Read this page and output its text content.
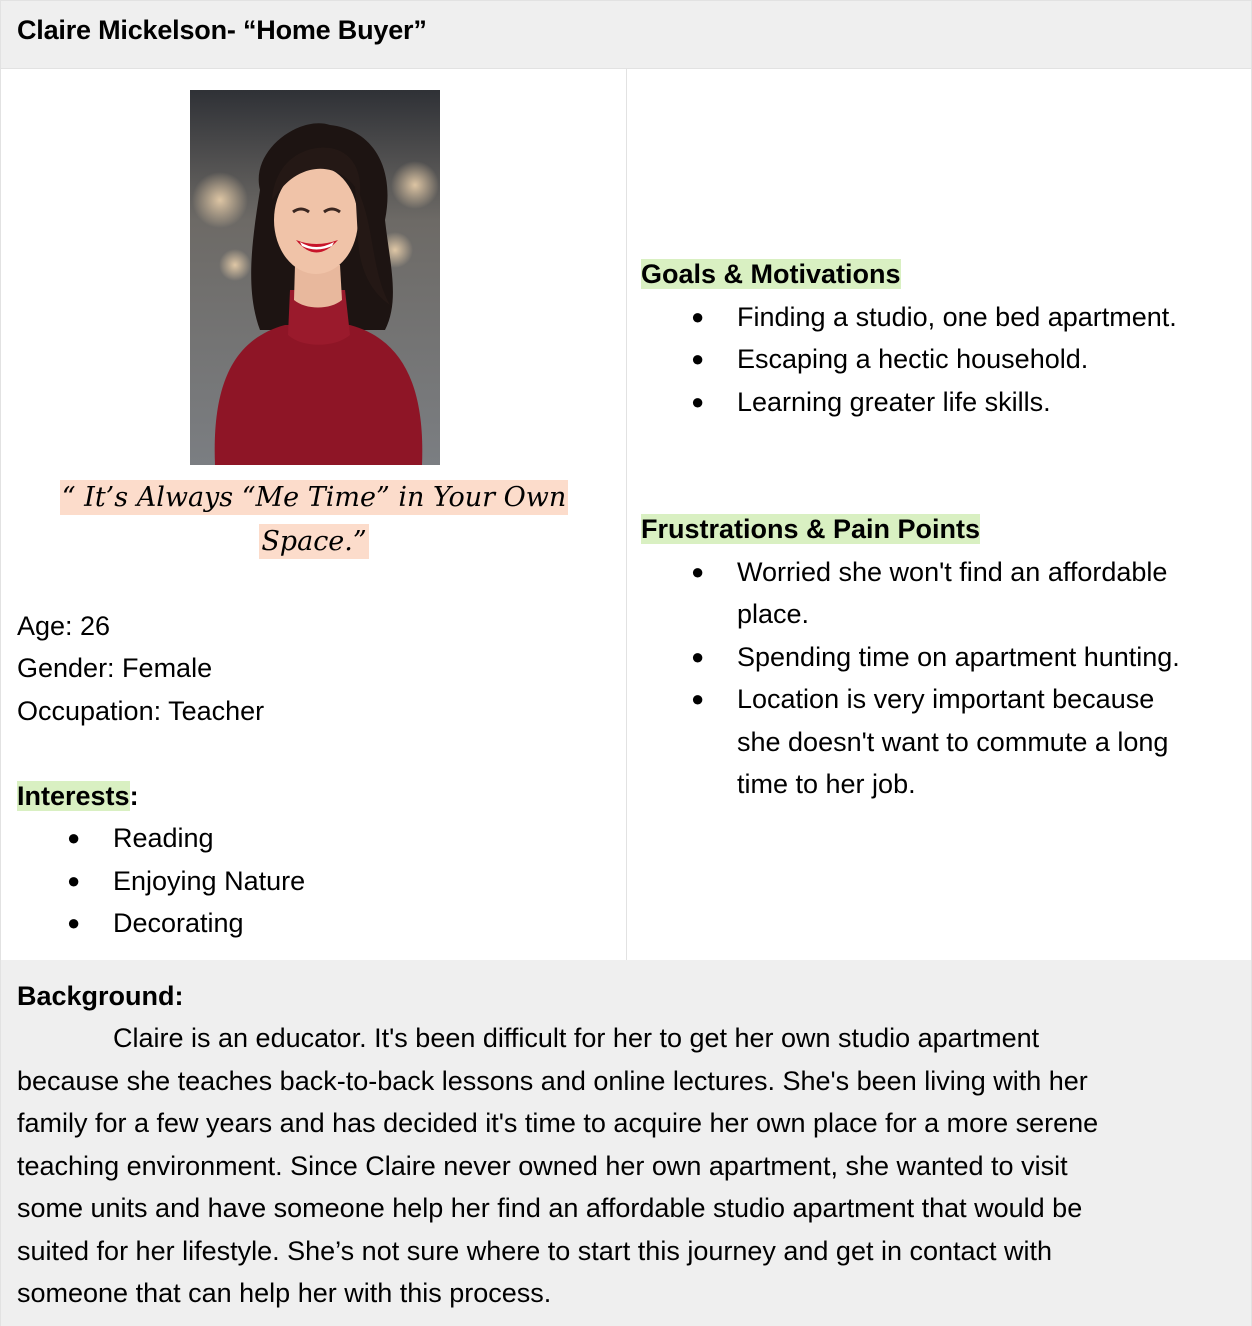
Claire Mickelson- “Home Buyer”
“ It’s Always “Me Time” in Your Own
Space.”
Age: 26
Gender: Female
Occupation: Teacher
Interests:
● Reading
● Enjoying Nature
● Decorating
Goals & Motivations
● Finding a studio, one bed apartment.
● Escaping a hectic household.
● Learning greater life skills.
Frustrations & Pain Points
● Worried she won't find an affordable
place.
● Spending time on apartment hunting.
● Location is very important because
she doesn't want to commute a long
time to her job.
Background:
Claire is an educator. It's been difficult for her to get her own studio apartment
because she teaches back-to-back lessons and online lectures. She's been living with her
family for a few years and has decided it's time to acquire her own place for a more serene
teaching environment. Since Claire never owned her own apartment, she wanted to visit
some units and have someone help her find an affordable studio apartment that would be
suited for her lifestyle. She’s not sure where to start this journey and get in contact with
someone that can help her with this process.
